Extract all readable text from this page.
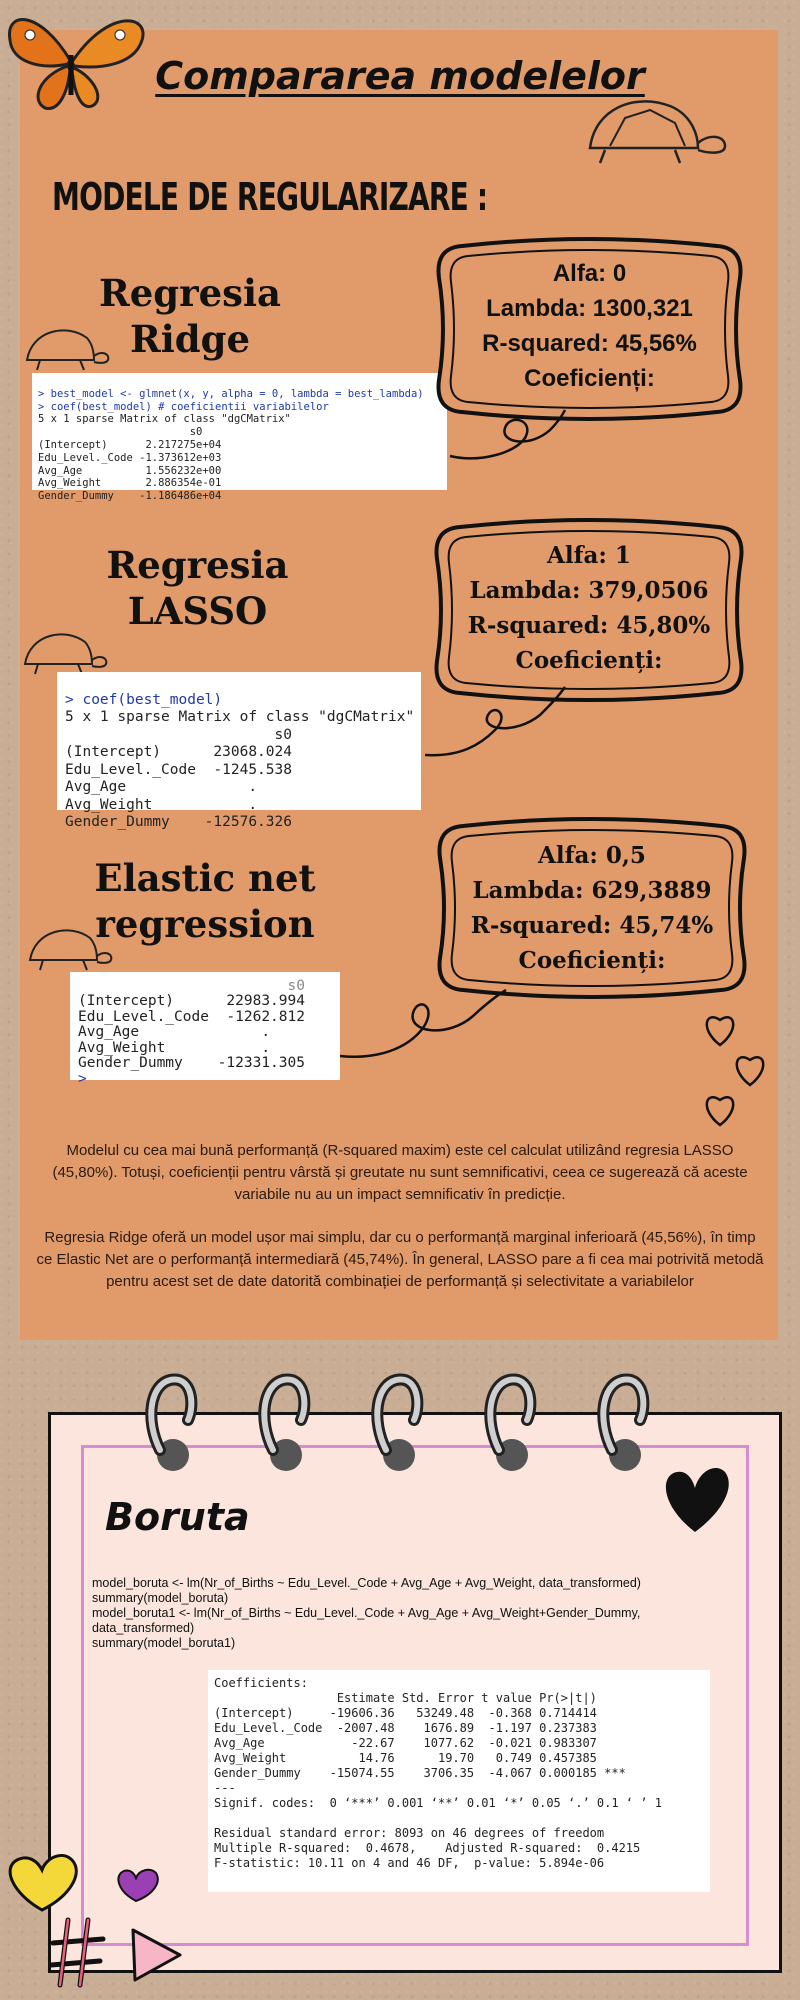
Compararea modelelor
MODELE DE REGULARIZARE :
Regresia
Ridge

> best_model <- glmnet(x, y, alpha = 0, lambda = best_lambda)
> coef(best_model) # coeficientii variabilelor
5 x 1 sparse Matrix of class "dgCMatrix"
s0
(Intercept)      2.217275e+04
Edu_Level._Code -1.373612e+03
Avg_Age          1.556232e+00
Avg_Weight       2.886354e-01
Gender_Dummy    -1.186486e+04

Alfa: 0
Lambda: 1300,321
R-squared: 45,56%
Coeficienți:
Regresia
LASSO

> coef(best_model)
5 x 1 sparse Matrix of class "dgCMatrix"
s0
(Intercept)      23068.024
Edu_Level._Code  -1245.538
Avg_Age              .
Avg_Weight           .
Gender_Dummy    -12576.326

Alfa: 1
Lambda: 379,0506
R-squared: 45,80%
Coeficienți:
Elastic net
regression

s0
(Intercept)      22983.994
Edu_Level._Code  -1262.812
Avg_Age              .
Avg_Weight           .
Gender_Dummy    -12331.305
>

Alfa: 0,5
Lambda: 629,3889
R-squared: 45,74%
Coeficienți:
Modelul cu cea mai bună performanță (R-squared maxim) este cel calculat utilizând regresia LASSO (45,80%). Totuși, coeficienții pentru vârstă și greutate nu sunt semnificativi, ceea ce sugerează că aceste variabile nu au un impact semnificativ în predicție.
Regresia Ridge oferă un model ușor mai simplu, dar cu o performanță marginal inferioară (45,56%), în timp ce Elastic Net are o performanță intermediară (45,74%). În general, LASSO pare a fi cea mai potrivită metodă pentru acest set de date datorită combinației de performanță și selectivitate a variabilelor
Boruta
model_boruta <- lm(Nr_of_Births ~ Edu_Level._Code + Avg_Age + Avg_Weight, data_transformed)
summary(model_boruta)
model_boruta1 <- lm(Nr_of_Births ~ Edu_Level._Code + Avg_Age + Avg_Weight+Gender_Dummy,
data_transformed)
summary(model_boruta1)
Coefficients:
Estimate Std. Error t value Pr(>|t|)
(Intercept)     -19606.36   53249.48  -0.368 0.714414
Edu_Level._Code  -2007.48    1676.89  -1.197 0.237383
Avg_Age            -22.67    1077.62  -0.021 0.983307
Avg_Weight          14.76      19.70   0.749 0.457385
Gender_Dummy    -15074.55    3706.35  -4.067 0.000185 ***
---
Signif. codes:  0 ‘***’ 0.001 ‘**’ 0.01 ‘*’ 0.05 ‘.’ 0.1 ‘ ’ 1
Residual standard error: 8093 on 46 degrees of freedom
Multiple R-squared:  0.4678,    Adjusted R-squared:  0.4215
F-statistic: 10.11 on 4 and 46 DF,  p-value: 5.894e-06
